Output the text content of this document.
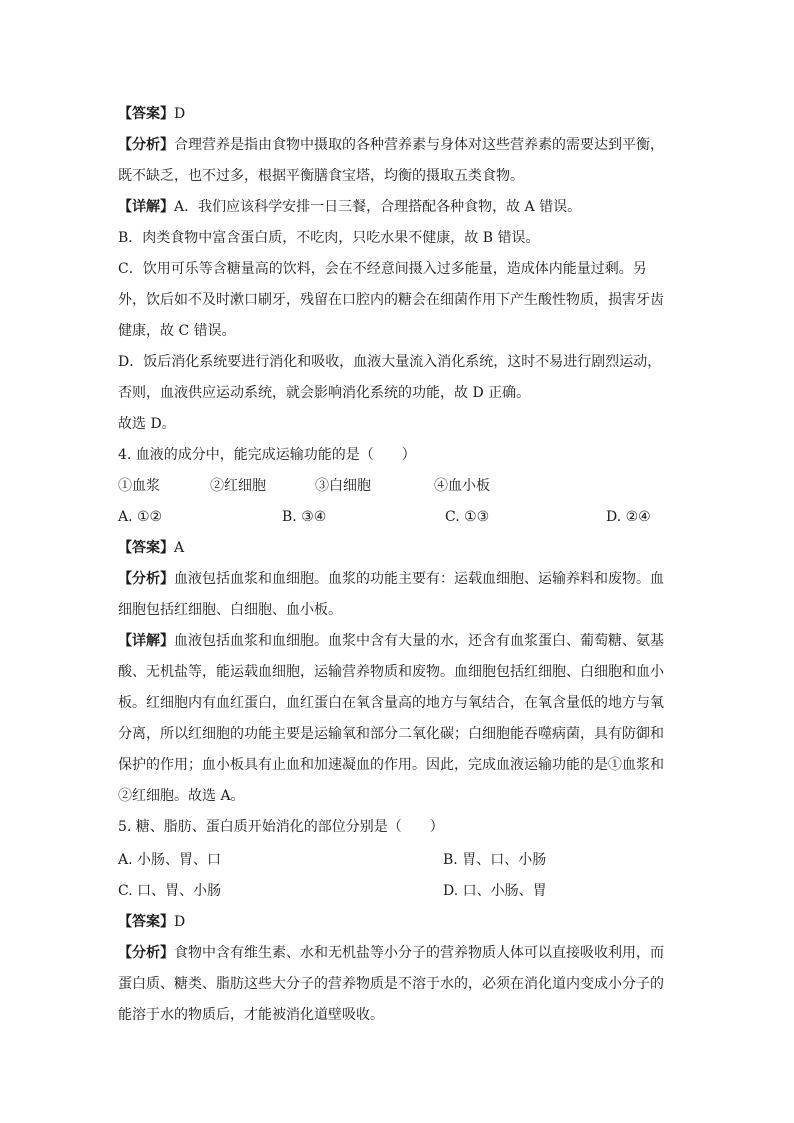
【答案】D
【分析】合理营养是指由食物中摄取的各种营养素与身体对这些营养素的需要达到平衡，
既不缺乏，也不过多，根据平衡膳食宝塔，均衡的摄取五类食物。
【详解】A．我们应该科学安排一日三餐，合理搭配各种食物，故 A 错误。
B．肉类食物中富含蛋白质，不吃肉，只吃水果不健康，故 B 错误。
C．饮用可乐等含糖量高的饮料，会在不经意间摄入过多能量，造成体内能量过剩。另
外，饮后如不及时漱口刷牙，残留在口腔内的糖会在细菌作用下产生酸性物质，损害牙齿
健康，故 C 错误。
D．饭后消化系统要进行消化和吸收，血液大量流入消化系统，这时不易进行剧烈运动，
否则，血液供应运动系统，就会影响消化系统的功能，故 D 正确。
故选 D。
4. 血液的成分中，能完成运输功能的是（　　）
①血浆	②红细胞	③白细胞	④血小板
A. ①②	B. ③④	C. ①③	D. ②④
【答案】A
【分析】血液包括血浆和血细胞。血浆的功能主要有：运载血细胞、运输养料和废物。血
细胞包括红细胞、白细胞、血小板。
【详解】血液包括血浆和血细胞。血浆中含有大量的水，还含有血浆蛋白、葡萄糖、氨基
酸、无机盐等，能运载血细胞，运输营养物质和废物。血细胞包括红细胞、白细胞和血小
板。红细胞内有血红蛋白，血红蛋白在氧含量高的地方与氧结合，在氧含量低的地方与氧
分离，所以红细胞的功能主要是运输氧和部分二氧化碳；白细胞能吞噬病菌，具有防御和
保护的作用；血小板具有止血和加速凝血的作用。因此，完成血液运输功能的是①血浆和
②红细胞。故选 A。
5. 糖、脂肪、蛋白质开始消化的部位分别是（　　）
A. 小肠、胃、口	B. 胃、口、小肠
C. 口、胃、小肠	D. 口、小肠、胃
【答案】D
【分析】食物中含有维生素、水和无机盐等小分子的营养物质人体可以直接吸收利用，而
蛋白质、糖类、脂肪这些大分子的营养物质是不溶于水的，必须在消化道内变成小分子的
能溶于水的物质后，才能被消化道壁吸收。
